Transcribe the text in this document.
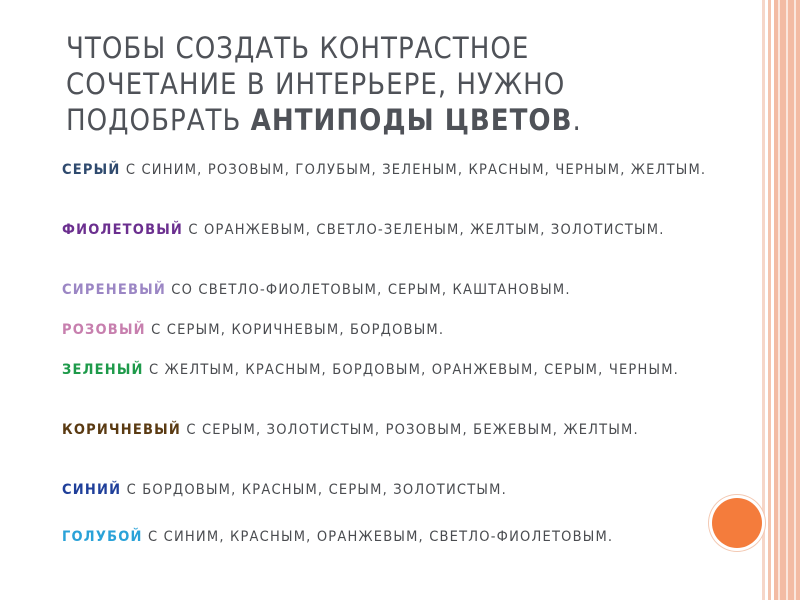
ЧТОБЫ СОЗДАТЬ КОНТРАСТНОЕ
СОЧЕТАНИЕ В ИНТЕРЬЕРЕ, НУЖНО
ПОДОБРАТЬ АНТИПОДЫ ЦВЕТОВ.
СЕРЫЙ С СИНИМ, РОЗОВЫМ, ГОЛУБЫМ, ЗЕЛЕНЫМ, КРАСНЫМ, ЧЕРНЫМ, ЖЕЛТЫМ.
ФИОЛЕТОВЫЙ С ОРАНЖЕВЫМ, СВЕТЛО-ЗЕЛЕНЫМ, ЖЕЛТЫМ, ЗОЛОТИСТЫМ.
СИРЕНЕВЫЙ СО СВЕТЛО-ФИОЛЕТОВЫМ, СЕРЫМ, КАШТАНОВЫМ.
РОЗОВЫЙ С СЕРЫМ, КОРИЧНЕВЫМ, БОРДОВЫМ.
ЗЕЛЕНЫЙ С ЖЕЛТЫМ, КРАСНЫМ, БОРДОВЫМ, ОРАНЖЕВЫМ, СЕРЫМ, ЧЕРНЫМ.
КОРИЧНЕВЫЙ С СЕРЫМ, ЗОЛОТИСТЫМ, РОЗОВЫМ, БЕЖЕВЫМ, ЖЕЛТЫМ.
СИНИЙ С БОРДОВЫМ, КРАСНЫМ, СЕРЫМ, ЗОЛОТИСТЫМ.
ГОЛУБОЙ С СИНИМ, КРАСНЫМ, ОРАНЖЕВЫМ, СВЕТЛО-ФИОЛЕТОВЫМ.
